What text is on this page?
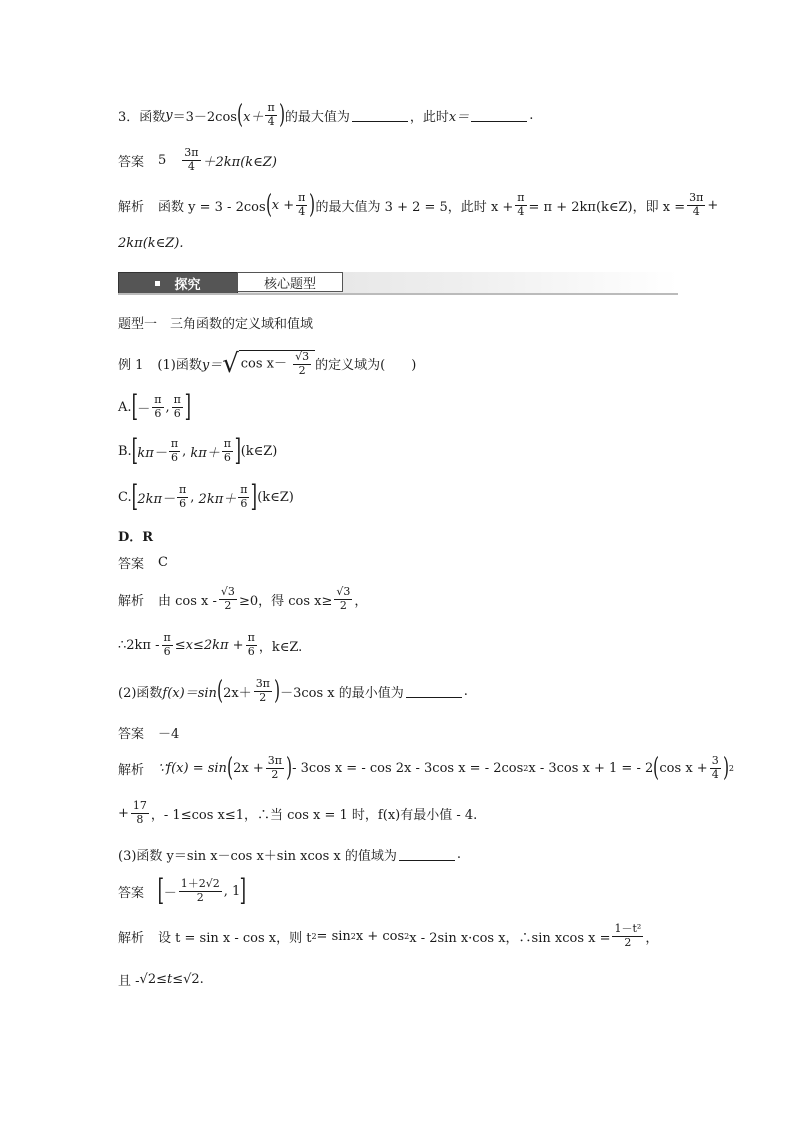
3．函数 y ＝3－2cos ( $x+ \frac{\pi}{4}$ ) 的最大值为	，此时 x＝	.
答案 $5 \frac{3\pi}{4}$ ＋2kπ(k∈Z)
解析 函数 y = 3 - 2cos ( $x + \frac{\pi}{4}$ ) 的最大值为 3 + 2 = 5，此时 $x + \frac{\pi}{4} = \pi$ + 2kπ(k∈Z)，即 $x = \frac{3\pi}{4}$ +
2kπ(k∈Z).
探究	核心题型
题型一　三角函数的定义域和值域
例 1 (1)函数 y＝ √ $\cos x- \frac{√3}{2}$ 的定义域为(　　)
A. [ － $\frac{\pi}{6}$ , $\frac{\pi}{6}$ ]
B. [ $k\pi- \frac{\pi}{6}$ , $k\pi+ \frac{\pi}{6}$ ] (k∈Z)
C. [ $2k\pi- \frac{\pi}{6}$ , $2k\pi+ \frac{\pi}{6}$ ] (k∈Z)
D．R
答案 C
解析 由 $\cos x - \frac{√3}{2} \ge 0$，得 $\cos x\ge \frac{√3}{2}$ ，
∴2kπ - $\frac{\pi}{6} \le x\le 2k\pi + \frac{\pi}{6}$ ，k∈Z.
(2)函数 f(x)＝sin ( $2x+ \frac{3\pi}{2}$ ) －3cos x 的最小值为	.
答案 －4
解析 ∵f(x) = sin ( $2x + \frac{3\pi}{2}$ ) - 3cos x = - cos 2x - 3cos x = - 2cos 2 x - 3cos x + 1 = - 2 ( $\cos x + \frac{3}{4}$ ) 2
+ $\frac{17}{8}$ ，- 1≤cos x≤1，∴当 cos x = 1 时，f(x)有最小值 - 4.
(3)函数 y＝sin x－cos x＋sin xcos x 的值域为	.
答案 [ － $\frac{1+2√2}{2}$ ,
1 ]
解析 设 t = sin x - cos x，则 t 2 = sin 2 x + cos 2 x - 2sin x·cos x，∴sin xcos $x = \frac{\text{1－t²}}{2}$ ，
且 - √2 ≤t≤ √2 .
